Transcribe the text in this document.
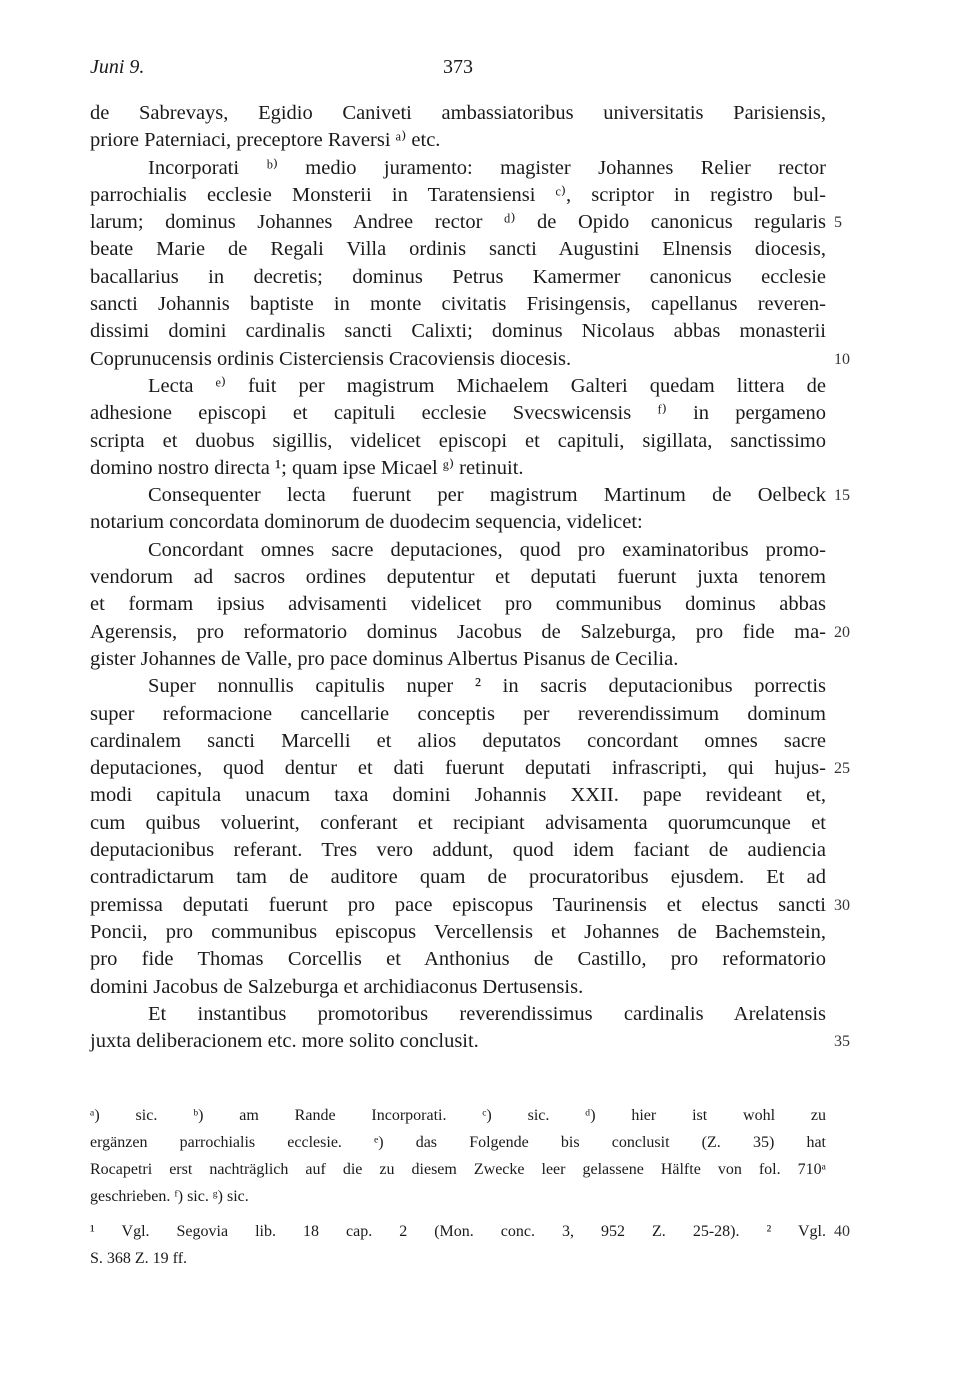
Juni 9.	373
de Sabrevays, Egidio Caniveti ambassiatoribus universitatis Parisiensis,
priore Paterniaci, preceptore Raversi ᵃ⁾ etc.
Incorporati ᵇ⁾ medio juramento: magister Johannes Relier rector
parrochialis ecclesie Monsterii in Taratensiensi ᶜ⁾, scriptor in registro bul-
larum; dominus Johannes Andree rector ᵈ⁾ de Opido canonicus regularis 5
beate Marie de Regali Villa ordinis sancti Augustini Elnensis diocesis,
bacallarius in decretis; dominus Petrus Kamermer canonicus ecclesie
sancti Johannis baptiste in monte civitatis Frisingensis, capellanus reveren-
dissimi domini cardinalis sancti Calixti; dominus Nicolaus abbas monasterii
Coprunucensis ordinis Cisterciensis Cracoviensis diocesis.	10
Lecta ᵉ⁾ fuit per magistrum Michaelem Galteri quedam littera de
adhesione episcopi et capituli ecclesie Svecswicensis ᶠ⁾ in pergameno
scripta et duobus sigillis, videlicet episcopi et capituli, sigillata, sanctissimo
domino nostro directa ¹; quam ipse Micael ᵍ⁾ retinuit.
Consequenter lecta fuerunt per magistrum Martinum de Oelbeck 15
notarium concordata dominorum de duodecim sequencia, videlicet:
Concordant omnes sacre deputaciones, quod pro examinatoribus promo-
vendorum ad sacros ordines deputentur et deputati fuerunt juxta tenorem
et formam ipsius advisamenti videlicet pro communibus dominus abbas
Agerensis, pro reformatorio dominus Jacobus de Salzeburga, pro fide ma- 20
gister Johannes de Valle, pro pace dominus Albertus Pisanus de Cecilia.
Super nonnullis capitulis nuper ² in sacris deputacionibus porrectis
super reformacione cancellarie conceptis per reverendissimum dominum
cardinalem sancti Marcelli et alios deputatos concordant omnes sacre
deputaciones, quod dentur et dati fuerunt deputati infrascripti, qui hujus- 25
modi capitula unacum taxa domini Johannis XXII. pape revideant et,
cum quibus voluerint, conferant et recipiant advisamenta quorumcunque et
deputacionibus referant. Tres vero addunt, quod idem faciant de audiencia
contradictarum tam de auditore quam de procuratoribus ejusdem. Et ad
premissa deputati fuerunt pro pace episcopus Taurinensis et electus sancti 30
Poncii, pro communibus episcopus Vercellensis et Johannes de Bachemstein,
pro fide Thomas Corcellis et Anthonius de Castillo, pro reformatorio
domini Jacobus de Salzeburga et archidiaconus Dertusensis.
Et instantibus promotoribus reverendissimus cardinalis Arelatensis
juxta deliberacionem etc. more solito conclusit.	35
ᵃ) sic. ᵇ) am Rande Incorporati. ᶜ) sic. ᵈ) hier ist wohl zu
ergänzen parrochialis ecclesie. ᵉ) das Folgende bis conclusit (Z. 35) hat
Rocapetri erst nachträglich auf die zu diesem Zwecke leer gelassene Hälfte von fol. 710ᵃ
geschrieben. ᶠ) sic. ᵍ) sic.
¹ Vgl. Segovia lib. 18 cap. 2 (Mon. conc. 3, 952 Z. 25-28). ² Vgl. 40
S. 368 Z. 19 ff.
